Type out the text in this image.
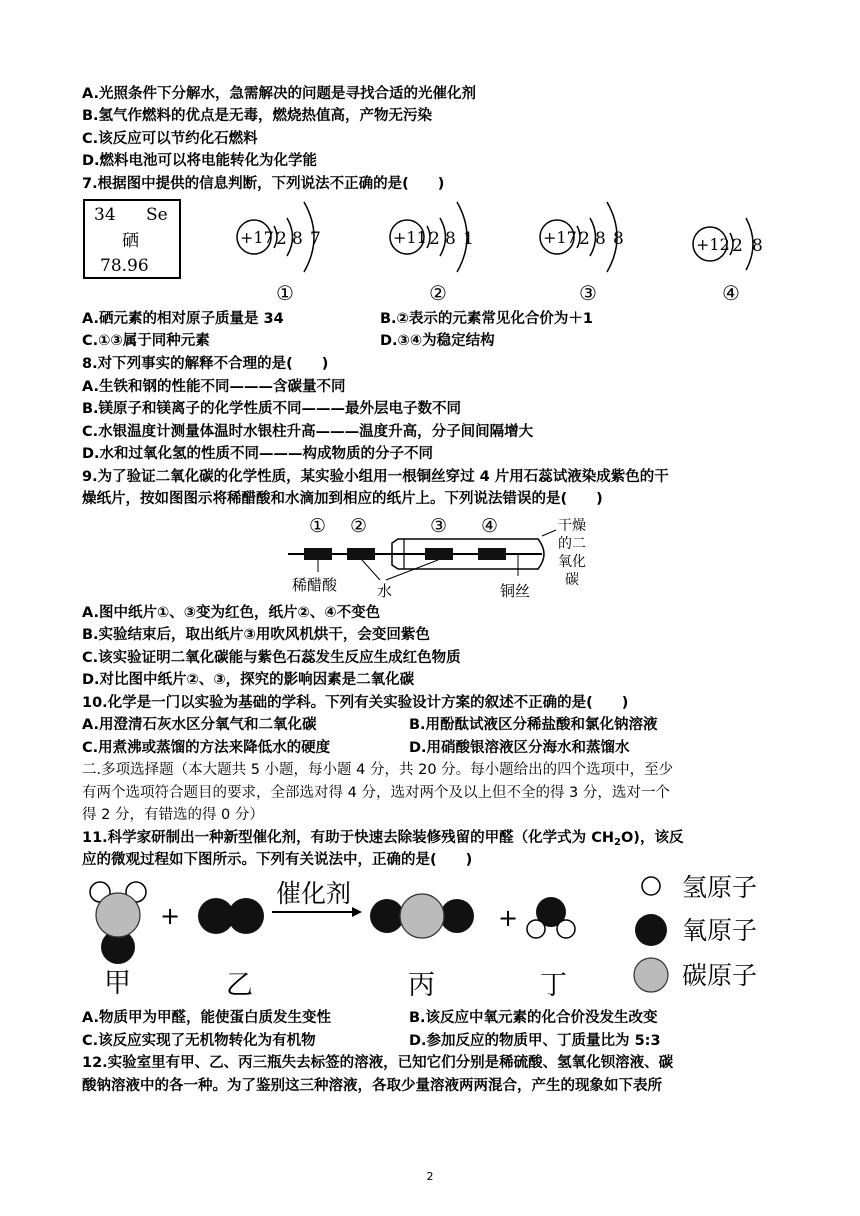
A.光照条件下分解水，急需解决的问题是寻找合适的光催化剂
B.氢气作燃料的优点是无毒，燃烧热值高，产物无污染
C.该反应可以节约化石燃料
D.燃料电池可以将电能转化为化学能
7.根据图中提供的信息判断，下列说法不正确的是(　　)
34 Se
硒
78.96
+17 2 8 7
①
+11 2 8 1
②
+17 2 8 8
③
+12 2 8
④
A.硒元素的相对原子质量是 34	B.②表示的元素常见化合价为＋1
C.①③属于同种元素	D.③④为稳定结构
8.对下列事实的解释不合理的是(　　)
A.生铁和钢的性能不同———含碳量不同
B.镁原子和镁离子的化学性质不同———最外层电子数不同
C.水银温度计测量体温时水银柱升高———温度升高，分子间间隔增大
D.水和过氧化氢的性质不同———构成物质的分子不同
9.为了验证二氧化碳的化学性质，某实验小组用一根铜丝穿过 4 片用石蕊试液染成紫色的干
燥纸片，按如图图示将稀醋酸和水滴加到相应的纸片上。下列说法错误的是(　　)
① ②	③ ④
稀醋酸	水	铜丝
干 燥
的 二
氧 化
碳
A.图中纸片①、③变为红色，纸片②、④不变色
B.实验结束后，取出纸片③用吹风机烘干，会变回紫色
C.该实验证明二氧化碳能与紫色石蕊发生反应生成红色物质
D.对比图中纸片②、③，探究的影响因素是二氧化碳
10.化学是一门以实验为基础的学科。下列有关实验设计方案的叙述不正确的是(　　)
A.用澄清石灰水区分氧气和二氧化碳	B.用酚酞试液区分稀盐酸和氯化钠溶液
C.用煮沸或蒸馏的方法来降低水的硬度	D.用硝酸银溶液区分海水和蒸馏水
二.多项选择题（本大题共 5 小题，每小题 4 分，共 20 分。每小题给出的四个选项中，至少
有两个选项符合题目的要求，全部选对得 4 分，选对两个及以上但不全的得 3 分，选对一个
得 2 分，有错选的得 0 分）
11.科学家研制出一种新型催化剂，有助于快速去除装修残留的甲醛（化学式为 $CH_2O$)，该反
应的微观过程如下图所示。下列有关说法中，正确的是(　　)
+
催化剂
+
甲	乙	丙	丁
氢原子
氧原子
碳原子
A.物质甲为甲醛，能使蛋白质发生变性	B.该反应中氧元素的化合价没发生改变
C.该反应实现了无机物转化为有机物	D.参加反应的物质甲、丁质量比为 5:3
12.实验室里有甲、乙、丙三瓶失去标签的溶液，已知它们分别是稀硫酸、氢氧化钡溶液、碳
酸钠溶液中的各一种。为了鉴别这三种溶液，各取少量溶液两两混合，产生的现象如下表所
2
